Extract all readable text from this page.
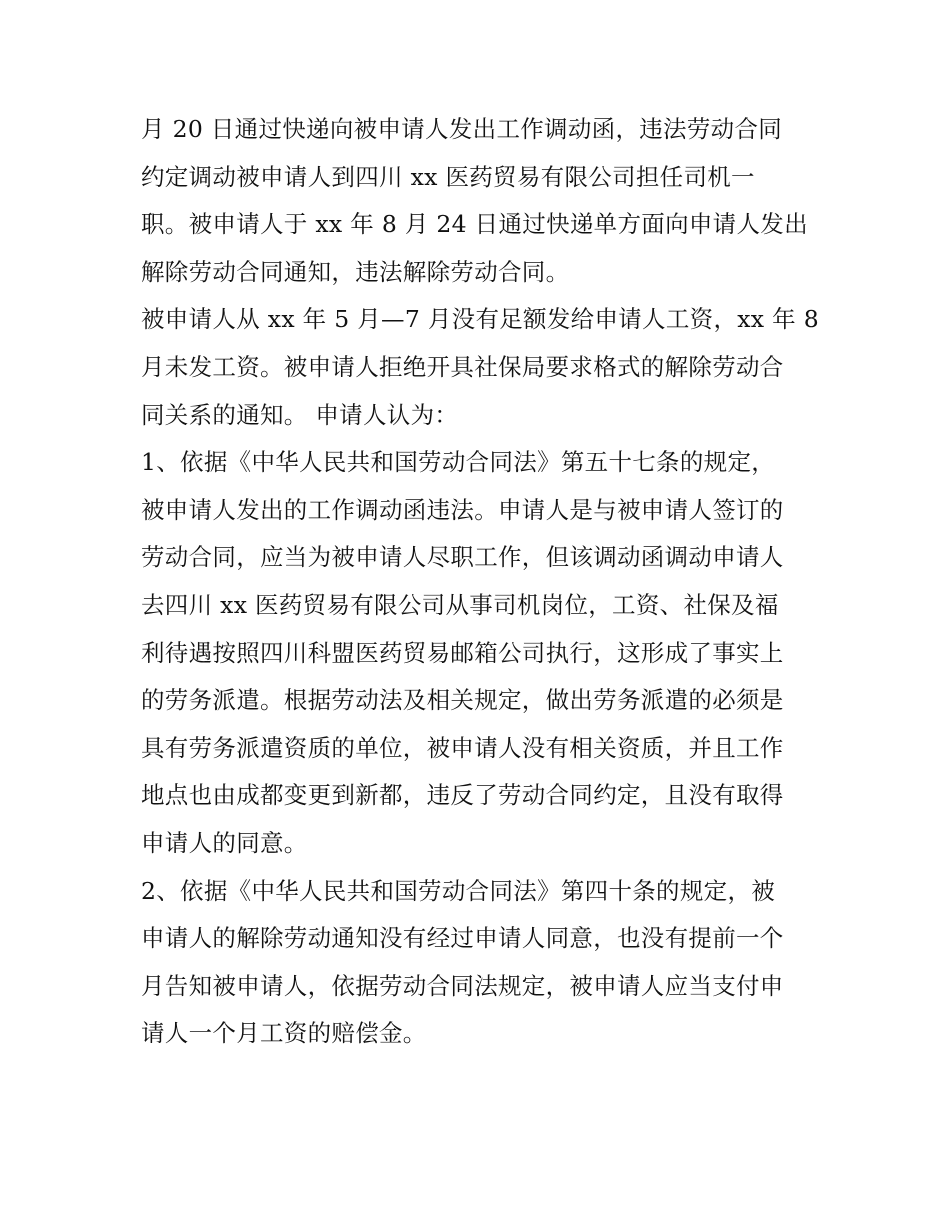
月 20 日通过快递向被申请人发出工作调动函，违法劳动合同
约定调动被申请人到四川 xx 医药贸易有限公司担任司机一
职。被申请人于 xx 年 8 月 24 日通过快递单方面向申请人发出
解除劳动合同通知，违法解除劳动合同。
被申请人从 xx 年 5 月—7 月没有足额发给申请人工资，xx 年 8
月未发工资。被申请人拒绝开具社保局要求格式的解除劳动合
同关系的通知。 申请人认为：
1、依据《中华人民共和国劳动合同法》第五十七条的规定，
被申请人发出的工作调动函违法。申请人是与被申请人签订的
劳动合同，应当为被申请人尽职工作，但该调动函调动申请人
去四川 xx 医药贸易有限公司从事司机岗位，工资、社保及福
利待遇按照四川科盟医药贸易邮箱公司执行，这形成了事实上
的劳务派遣。根据劳动法及相关规定，做出劳务派遣的必须是
具有劳务派遣资质的单位，被申请人没有相关资质，并且工作
地点也由成都变更到新都，违反了劳动合同约定，且没有取得
申请人的同意。
2、依据《中华人民共和国劳动合同法》第四十条的规定，被
申请人的解除劳动通知没有经过申请人同意，也没有提前一个
月告知被申请人，依据劳动合同法规定，被申请人应当支付申
请人一个月工资的赔偿金。
